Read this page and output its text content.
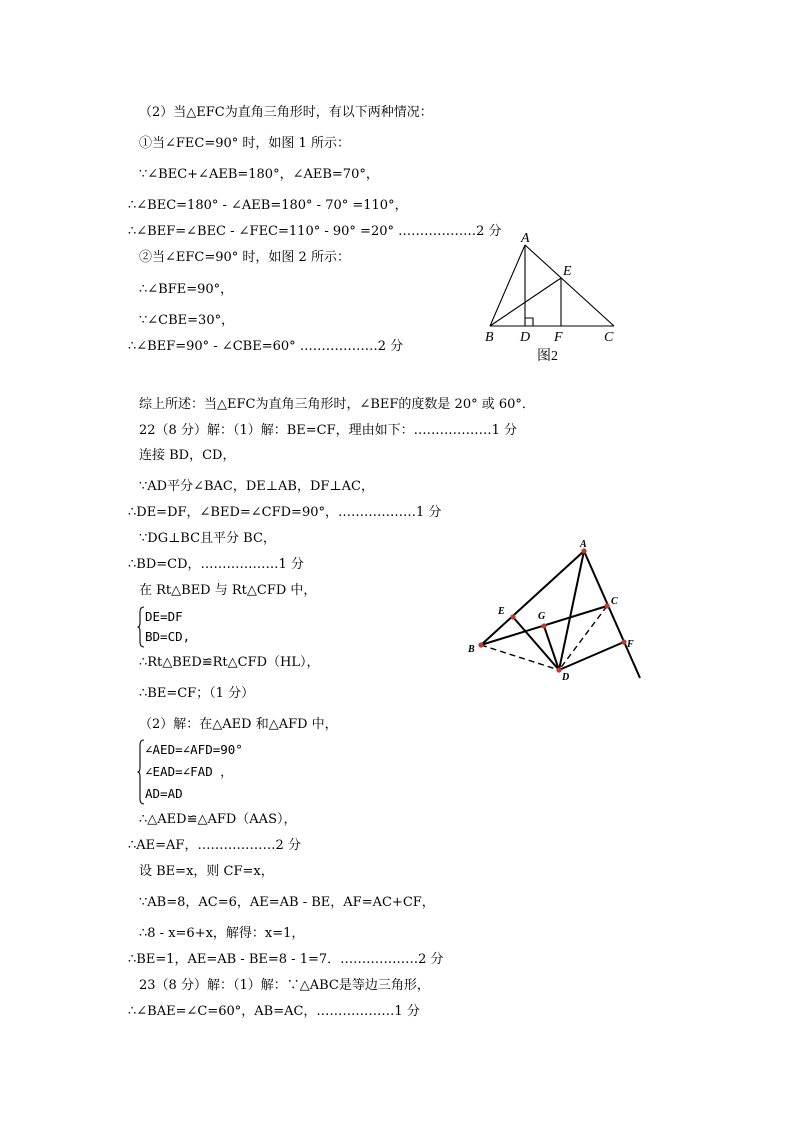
（2）当△EFC为直角三角形时，有以下两种情况：
①当∠FEC=90° 时，如图 1 所示：
∵∠BEC+∠AEB=180°，∠AEB=70°，
∴∠BEC=180° - ∠AEB=180° - 70° =110°，
∴∠BEF=∠BEC - ∠FEC=110° - 90° =20° ………………2 分
②当∠EFC=90° 时，如图 2 所示：
∴∠BFE=90°，
∵∠CBE=30°，
∴∠BEF=90° - ∠CBE=60° ………………2 分
综上所述：当△EFC为直角三角形时，∠BEF的度数是 20° 或 60°．
22（8 分）解：（1）解：BE=CF，理由如下：………………1 分
连接 BD，CD，
∵AD平分∠BAC，DE⊥AB，DF⊥AC，
∴DE=DF，∠BED=∠CFD=90°，………………1 分
∵DG⊥BC且平分 BC，
∴BD=CD，………………1 分
在 Rt△BED 与 Rt△CFD 中，
DE=DF
BD=CD,
∴Rt△BED≌Rt△CFD（HL），
∴BE=CF；（1 分）
（2）解：在△AED 和△AFD 中，
∠AED=∠AFD=90°
∠EAD=∠FAD ，
AD=AD
∴△AED≌△AFD（AAS），
∴AE=AF，………………2 分
设 BE=x，则 CF=x，
∵AB=8，AC=6，AE=AB - BE，AF=AC+CF，
∴8 - x=6+x，解得：x=1，
∴BE=1，AE=AB - BE=8 - 1=7．………………2 分
23（8 分）解：（1）解：∵△ABC是等边三角形，
∴∠BAE=∠C=60°，AB=AC，………………1 分
A
E
B D F	C
图2
A
E	G
C
F
B
D
